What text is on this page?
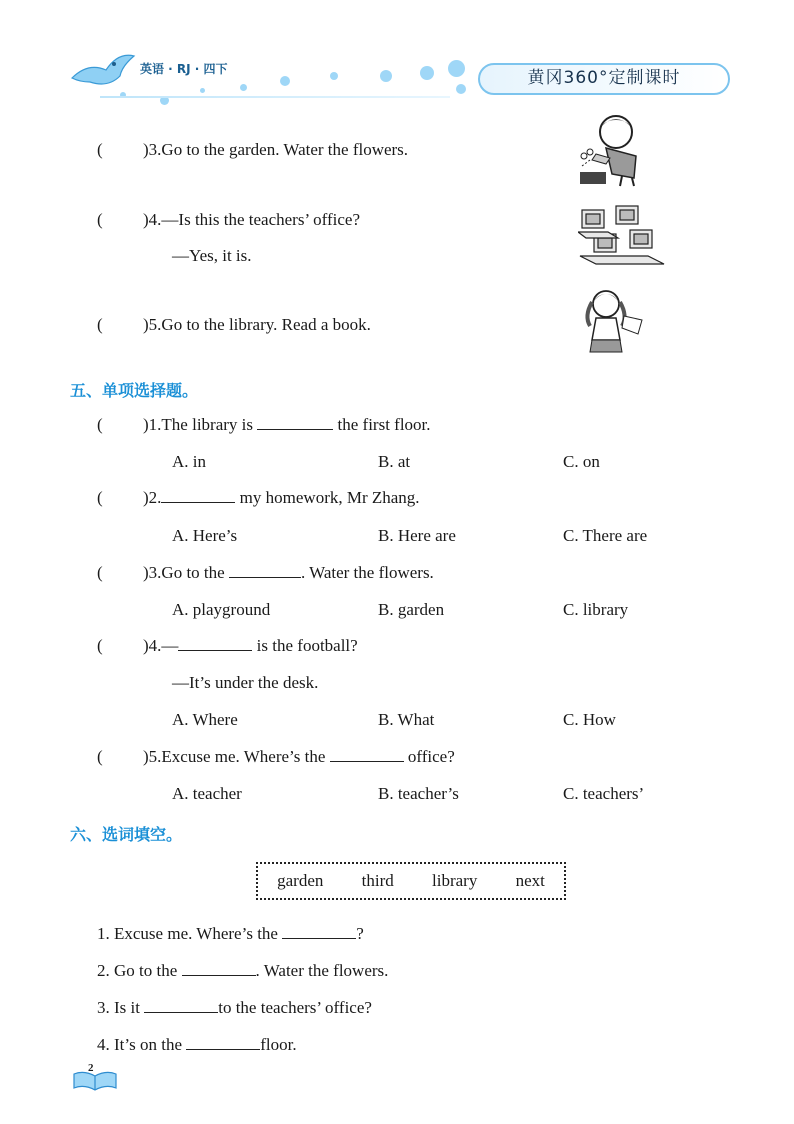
英语 · RJ · 四下	黄冈360°定制课时
( )3.Go to the garden. Water the flowers.
( )4.—Is this the teachers’ office?
—Yes, it is.
( )5.Go to the library. Read a book.
五、单项选择题。
( )1.The library is	the first floor.
A. in	B. at	C. on
( )2.	my homework, Mr Zhang.
A. Here’s	B. Here are	C. There are
( )3.Go to the	. Water the flowers.
A. playground	B. garden	C. library
( )4.—	is the football?
—It’s under the desk.
A. Where	B. What	C. How
( )5.Excuse me. Where’s the	office?
A. teacher	B. teacher’s	C. teachers’
六、选词填空。
garden third library next
1. Excuse me. Where’s the	?
2. Go to the	. Water the flowers.
3. Is it	to the teachers’ office?
4. It’s on the	floor.
2
